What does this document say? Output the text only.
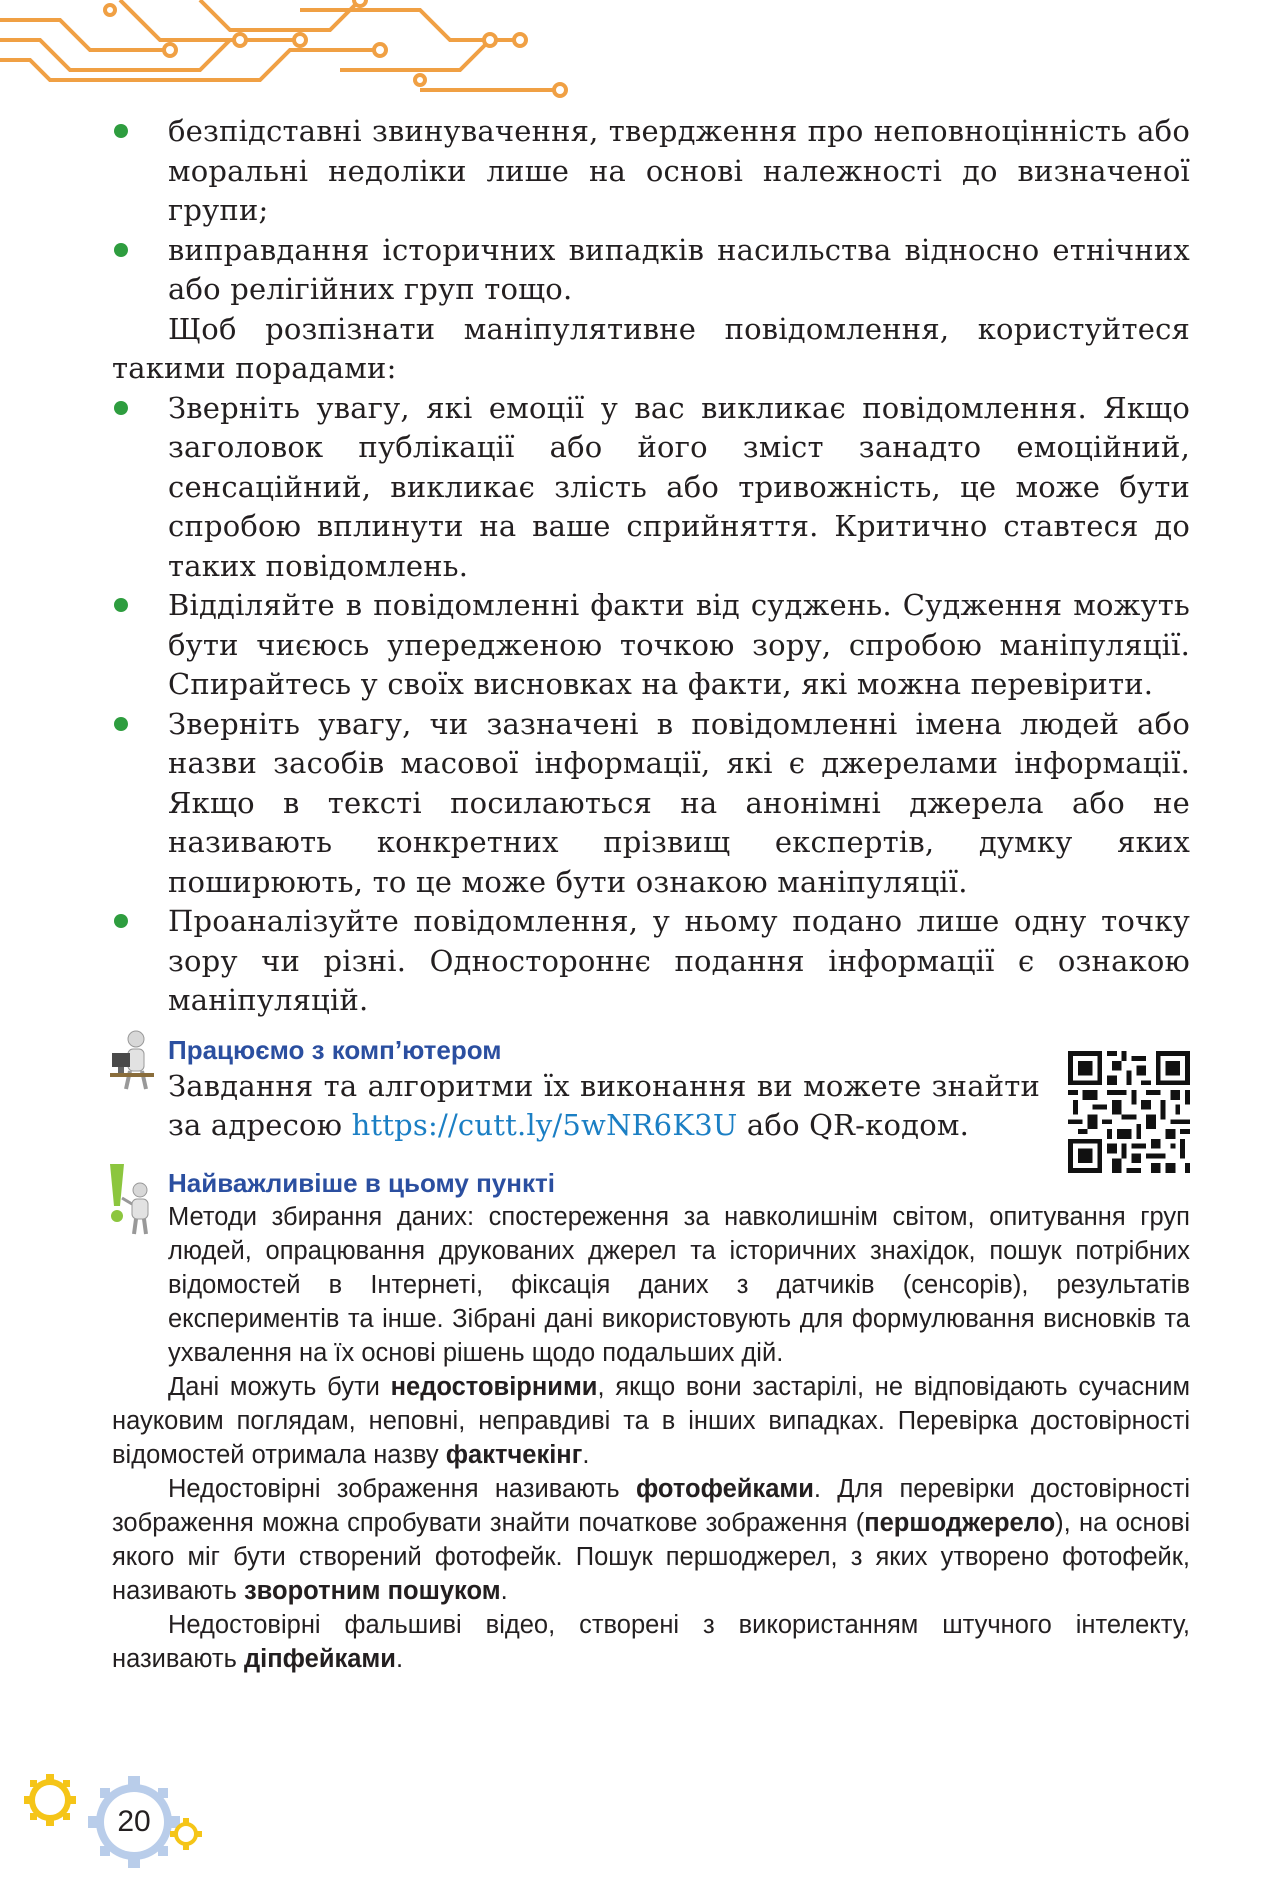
безпідставні звинувачення, твердження про неповноцінність або моральні недоліки лише на основі належності до визначеної групи;
виправдання історичних випадків насильства відносно етнічних або релігійних груп тощо.

Щоб розпізнати маніпулятивне повідомлення, користуйтеся такими порадами:

Зверніть увагу, які емоції у вас викликає повідомлення. Якщо заголовок публікації або його зміст занадто емоційний, сенсаційний, викликає злість або тривожність, це може бути спробою вплинути на ваше сприйняття. Критично ставтеся до таких повідомлень.
Відділяйте в повідомленні факти від суджень. Судження можуть бути чиєюсь упередженою точкою зору, спробою маніпуляції. Спирайтесь у своїх висновках на факти, які можна перевірити.
Зверніть увагу, чи зазначені в повідомленні імена людей або назви засобів масової інформації, які є джерелами інформації. Якщо в тексті посилаються на анонімні джерела або не називають конкретних прізвищ експертів, думку яких поширюють, то це може бути ознакою маніпуляції.
Проаналізуйте повідомлення, у ньому подано лише одну точку зору чи різні. Одностороннє подання інформації є ознакою маніпуляцій.
Працюємо з комп’ютером

Завдання та алгоритми їх виконання ви можете знайти за адресою https://cutt.ly/5wNR6K3U або QR-кодом.

Найважливіше в цьому пункті

Методи збирання даних: спостереження за навколишнім світом, опитування груп людей, опрацювання друкованих джерел та історичних знахідок, пошук потрібних відомостей в Інтернеті, фіксація даних з датчиків (сенсорів), результатів експериментів та інше. Зібрані дані використовують для формулювання висновків та ухвалення на їх основі рішень щодо подальших дій.

Дані можуть бути недостовірними, якщо вони застарілі, не відповідають сучасним науковим поглядам, неповні, неправдиві та в інших випадках. Перевірка достовірності відомостей отримала назву фактчекінг.

Недостовірні зображення називають фотофейками. Для перевірки достовірності зображення можна спробувати знайти початкове зображення (першоджерело), на основі якого міг бути створений фотофейк. Пошук першоджерел, з яких утворено фотофейк, називають зворотним пошуком.

Недостовірні фальшиві відео, створені з використанням штучного інтелекту, називають діпфейками.

20
